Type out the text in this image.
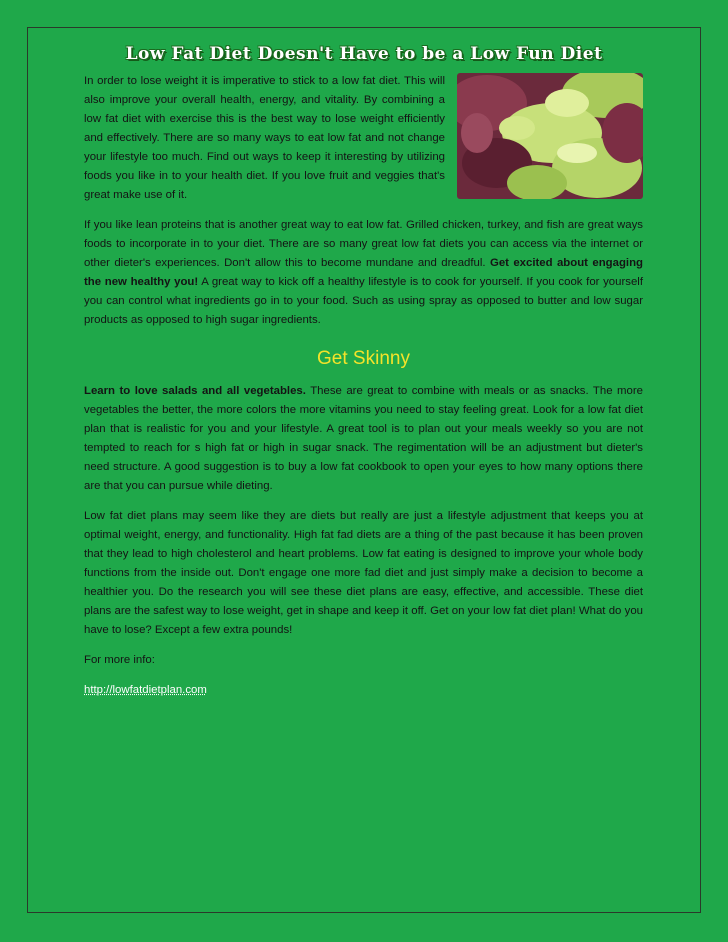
Low Fat Diet Doesn't Have to be a Low Fun Diet

In order to lose weight it is imperative to stick to a low fat diet. This will also improve your overall health, energy, and vitality. By combining a low fat diet with exercise this is the best way to lose weight efficiently and effectively. There are so many ways to eat low fat and not change your lifestyle too much. Find out ways to keep it interesting by utilizing foods you like in to your health diet. If you love fruit and veggies that's great make use of it.

If you like lean proteins that is another great way to eat low fat. Grilled chicken, turkey, and fish are great ways foods to incorporate in to your diet. There are so many great low fat diets you can access via the internet or other dieter's experiences. Don't allow this to become mundane and dreadful. Get excited about engaging the new healthy you! A great way to kick off a healthy lifestyle is to cook for yourself. If you cook for yourself you can control what ingredients go in to your food. Such as using spray as opposed to butter and low sugar products as opposed to high sugar ingredients.

Get Skinny

Learn to love salads and all vegetables. These are great to combine with meals or as snacks. The more vegetables the better, the more colors the more vitamins you need to stay feeling great. Look for a low fat diet plan that is realistic for you and your lifestyle. A great tool is to plan out your meals weekly so you are not tempted to reach for s high fat or high in sugar snack. The regimentation will be an adjustment but dieter's need structure. A good suggestion is to buy a low fat cookbook to open your eyes to how many options there are that you can pursue while dieting.

Low fat diet plans may seem like they are diets but really are just a lifestyle adjustment that keeps you at optimal weight, energy, and functionality. High fat fad diets are a thing of the past because it has been proven that they lead to high cholesterol and heart problems. Low fat eating is designed to improve your whole body functions from the inside out. Don't engage one more fad diet and just simply make a decision to become a healthier you. Do the research you will see these diet plans are easy, effective, and accessible. These diet plans are the safest way to lose weight, get in shape and keep it off. Get on your low fat diet plan! What do you have to lose? Except a few extra pounds!

For more info:

http://lowfatdietplan.com
